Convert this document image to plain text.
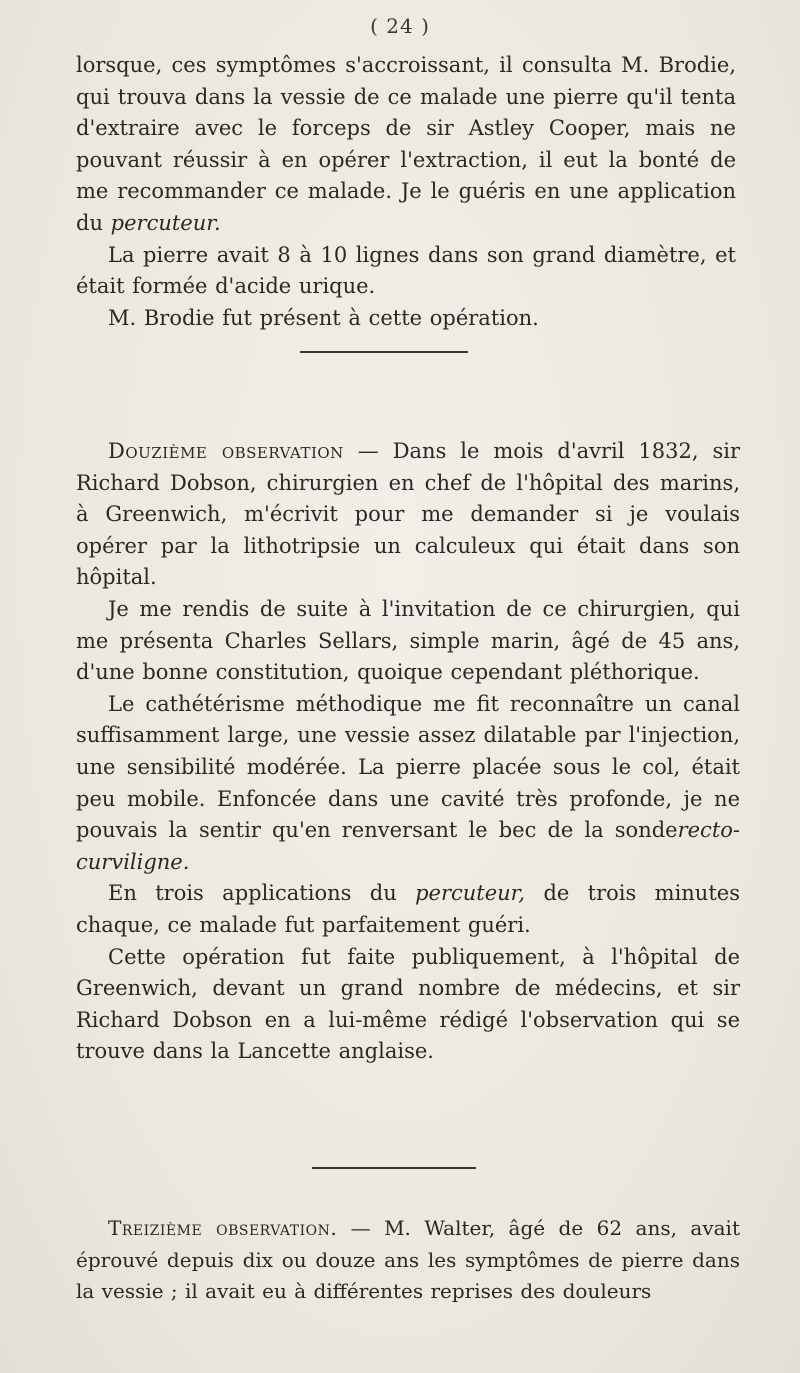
( 24 )

lorsque, ces symptômes s'accroissant, il consulta M. Brodie, qui trouva dans la vessie de ce malade une pierre qu'il tenta d'extraire avec le forceps de sir Astley Cooper, mais ne pouvant réussir à en opérer l'extraction, il eut la bonté de me recommander ce malade. Je le guéris en une application du percuteur.

La pierre avait 8 à 10 lignes dans son grand diamètre, et était formée d'acide urique.

M. Brodie fut présent à cette opération.

Douzième observation — Dans le mois d'avril 1832, sir Richard Dobson, chirurgien en chef de l'hôpital des marins, à Greenwich, m'écrivit pour me demander si je voulais opérer par la lithotripsie un calculeux qui était dans son hôpital.

Je me rendis de suite à l'invitation de ce chirurgien, qui me présenta Charles Sellars, simple marin, âgé de 45 ans, d'une bonne constitution, quoique cependant pléthorique.

Le cathétérisme méthodique me fit reconnaître un canal suffisamment large, une vessie assez dilatable par l'injection, une sensibilité modérée. La pierre placée sous le col, était peu mobile. Enfoncée dans une cavité très profonde, je ne pouvais la sentir qu'en renversant le bec de la sonderecto-curviligne.

En trois applications du percuteur, de trois minutes chaque, ce malade fut parfaitement guéri.

Cette opération fut faite publiquement, à l'hôpital de Greenwich, devant un grand nombre de médecins, et sir Richard Dobson en a lui-même rédigé l'observation qui se trouve dans la Lancette anglaise.

Treizième observation. — M. Walter, âgé de 62 ans, avait éprouvé depuis dix ou douze ans les symptômes de pierre dans la vessie ; il avait eu à différentes reprises des douleurs
